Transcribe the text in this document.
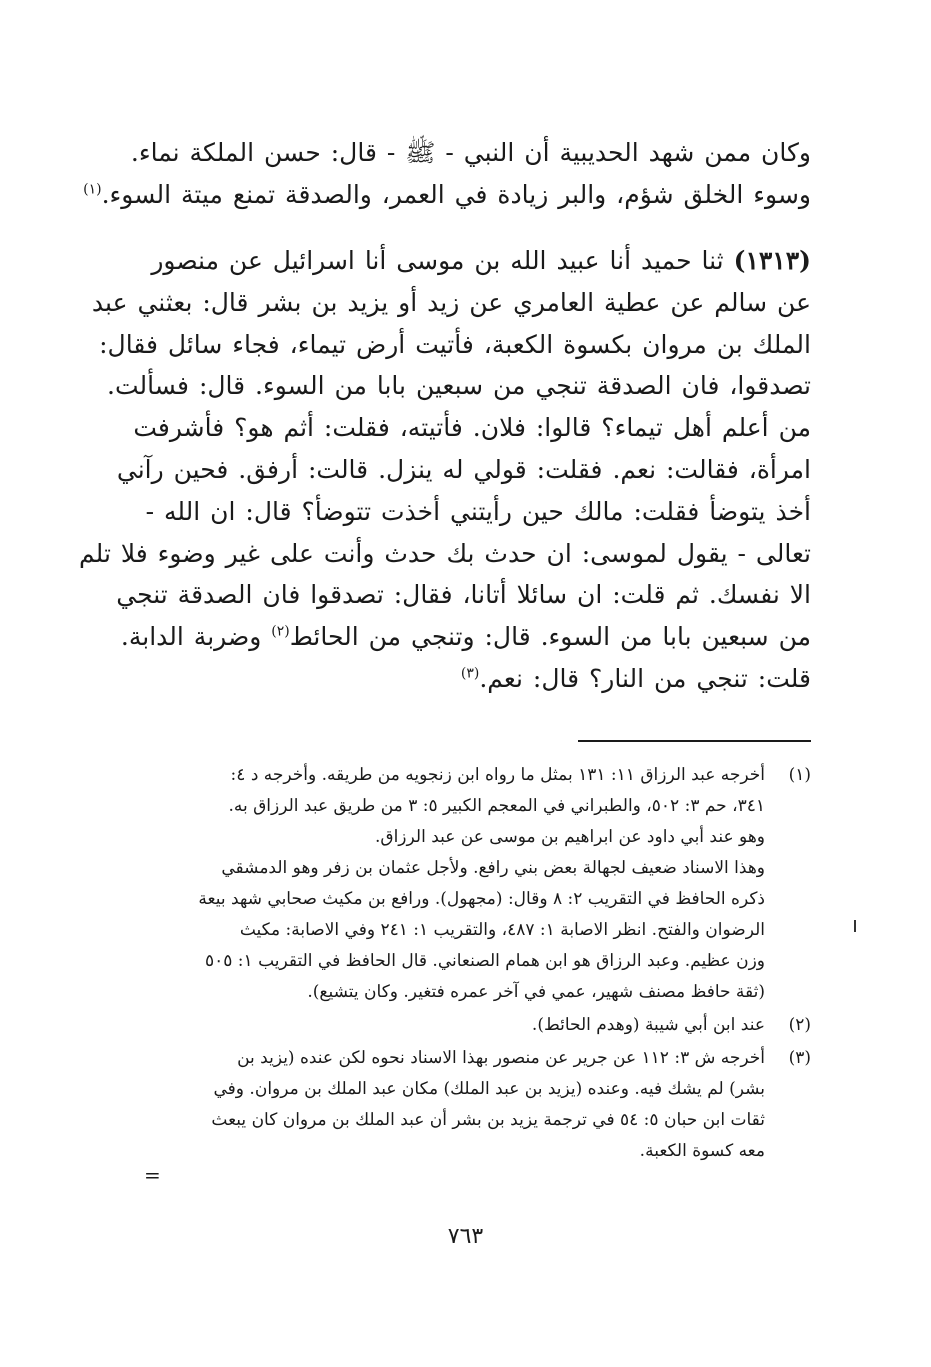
وكان ممن شهد الحديبية أن النبي - ﷺ - قال: حسن الملكة نماء.
وسوء الخلق شؤم، والبر زيادة في العمر، والصدقة تمنع ميتة السوء.$^{(١)}$
(١٣١٣) ثنا حميد أنا عبيد الله بن موسى أنا اسرائيل عن منصور
عن سالم عن عطية العامري عن زيد أو يزيد بن بشر قال: بعثني عبد
الملك بن مروان بكسوة الكعبة، فأتيت أرض تيماء، فجاء سائل فقال:
تصدقوا، فان الصدقة تنجي من سبعين بابا من السوء. قال: فسألت.
من أعلم أهل تيماء؟ قالوا: فلان. فأتيته، فقلت: أثم هو؟ فأشرفت
امرأة، فقالت: نعم. فقلت: قولي له ينزل. قالت: أرفق. فحين رآني
أخذ يتوضأ فقلت: مالك حين رأيتني أخذت تتوضأ؟ قال: ان الله -
تعالى - يقول لموسى: ان حدث بك حدث وأنت على غير وضوء فلا تلم
الا نفسك. ثم قلت: ان سائلا أتانا، فقال: تصدقوا فان الصدقة تنجي
من سبعين بابا من السوء. قال: وتنجي من الحائط$^{(٢)}$ وضربة الدابة.
قلت: تنجي من النار؟ قال: نعم.$^{(٣)}$
(١)
أخرجه عبد الرزاق ١١: ١٣١ بمثل ما رواه ابن زنجويه من طريقه. وأخرجه د ٤:
٣٤١، حم ٣: ٥٠٢، والطبراني في المعجم الكبير ٥: ٣ من طريق عبد الرزاق به.
وهو عند أبي داود عن ابراهيم بن موسى عن عبد الرزاق.
وهذا الاسناد ضعيف لجهالة بعض بني رافع. ولأجل عثمان بن زفر وهو الدمشقي
ذكره الحافظ في التقريب ٢: ٨ وقال: (مجهول). ورافع بن مكيث صحابي شهد بيعة
الرضوان والفتح. انظر الاصابة ١: ٤٨٧، والتقريب ١: ٢٤١ وفي الاصابة: مكيث
وزن عظيم. وعبد الرزاق هو ابن همام الصنعاني. قال الحافظ في التقريب ١: ٥٠٥
(ثقة حافظ مصنف شهير، عمي في آخر عمره فتغير. وكان يتشيع).
(٢)
عند ابن أبي شيبة (وهدم الحائط).
(٣)
أخرجه ش ٣: ١١٢ عن جرير عن منصور بهذا الاسناد نحوه لكن عنده (يزيد بن
بشر) لم يشك فيه. وعنده (يزيد بن عبد الملك) مكان عبد الملك بن مروان. وفي
ثقات ابن حبان ٥: ٥٤ في ترجمة يزيد بن بشر أن عبد الملك بن مروان كان يبعث
معه كسوة الكعبة.
=
٧٦٣
